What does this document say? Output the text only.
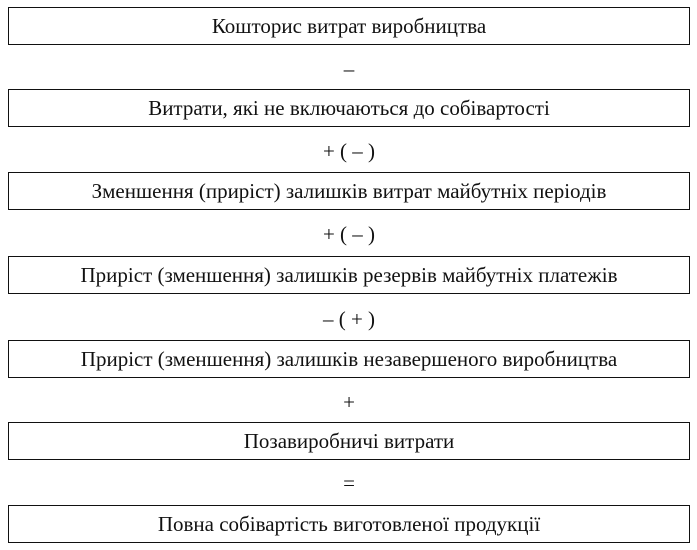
Кошторис витрат виробництва
–
Витрати, які не включаються до собівартості
+ ( – )
Зменшення (приріст) залишків витрат майбутніх періодів
+ ( – )
Приріст (зменшення) залишків резервів майбутніх платежів
– ( + )
Приріст (зменшення) залишків незавершеного виробництва
+
Позавиробничі витрати
=
Повна собівартість виготовленої продукції
